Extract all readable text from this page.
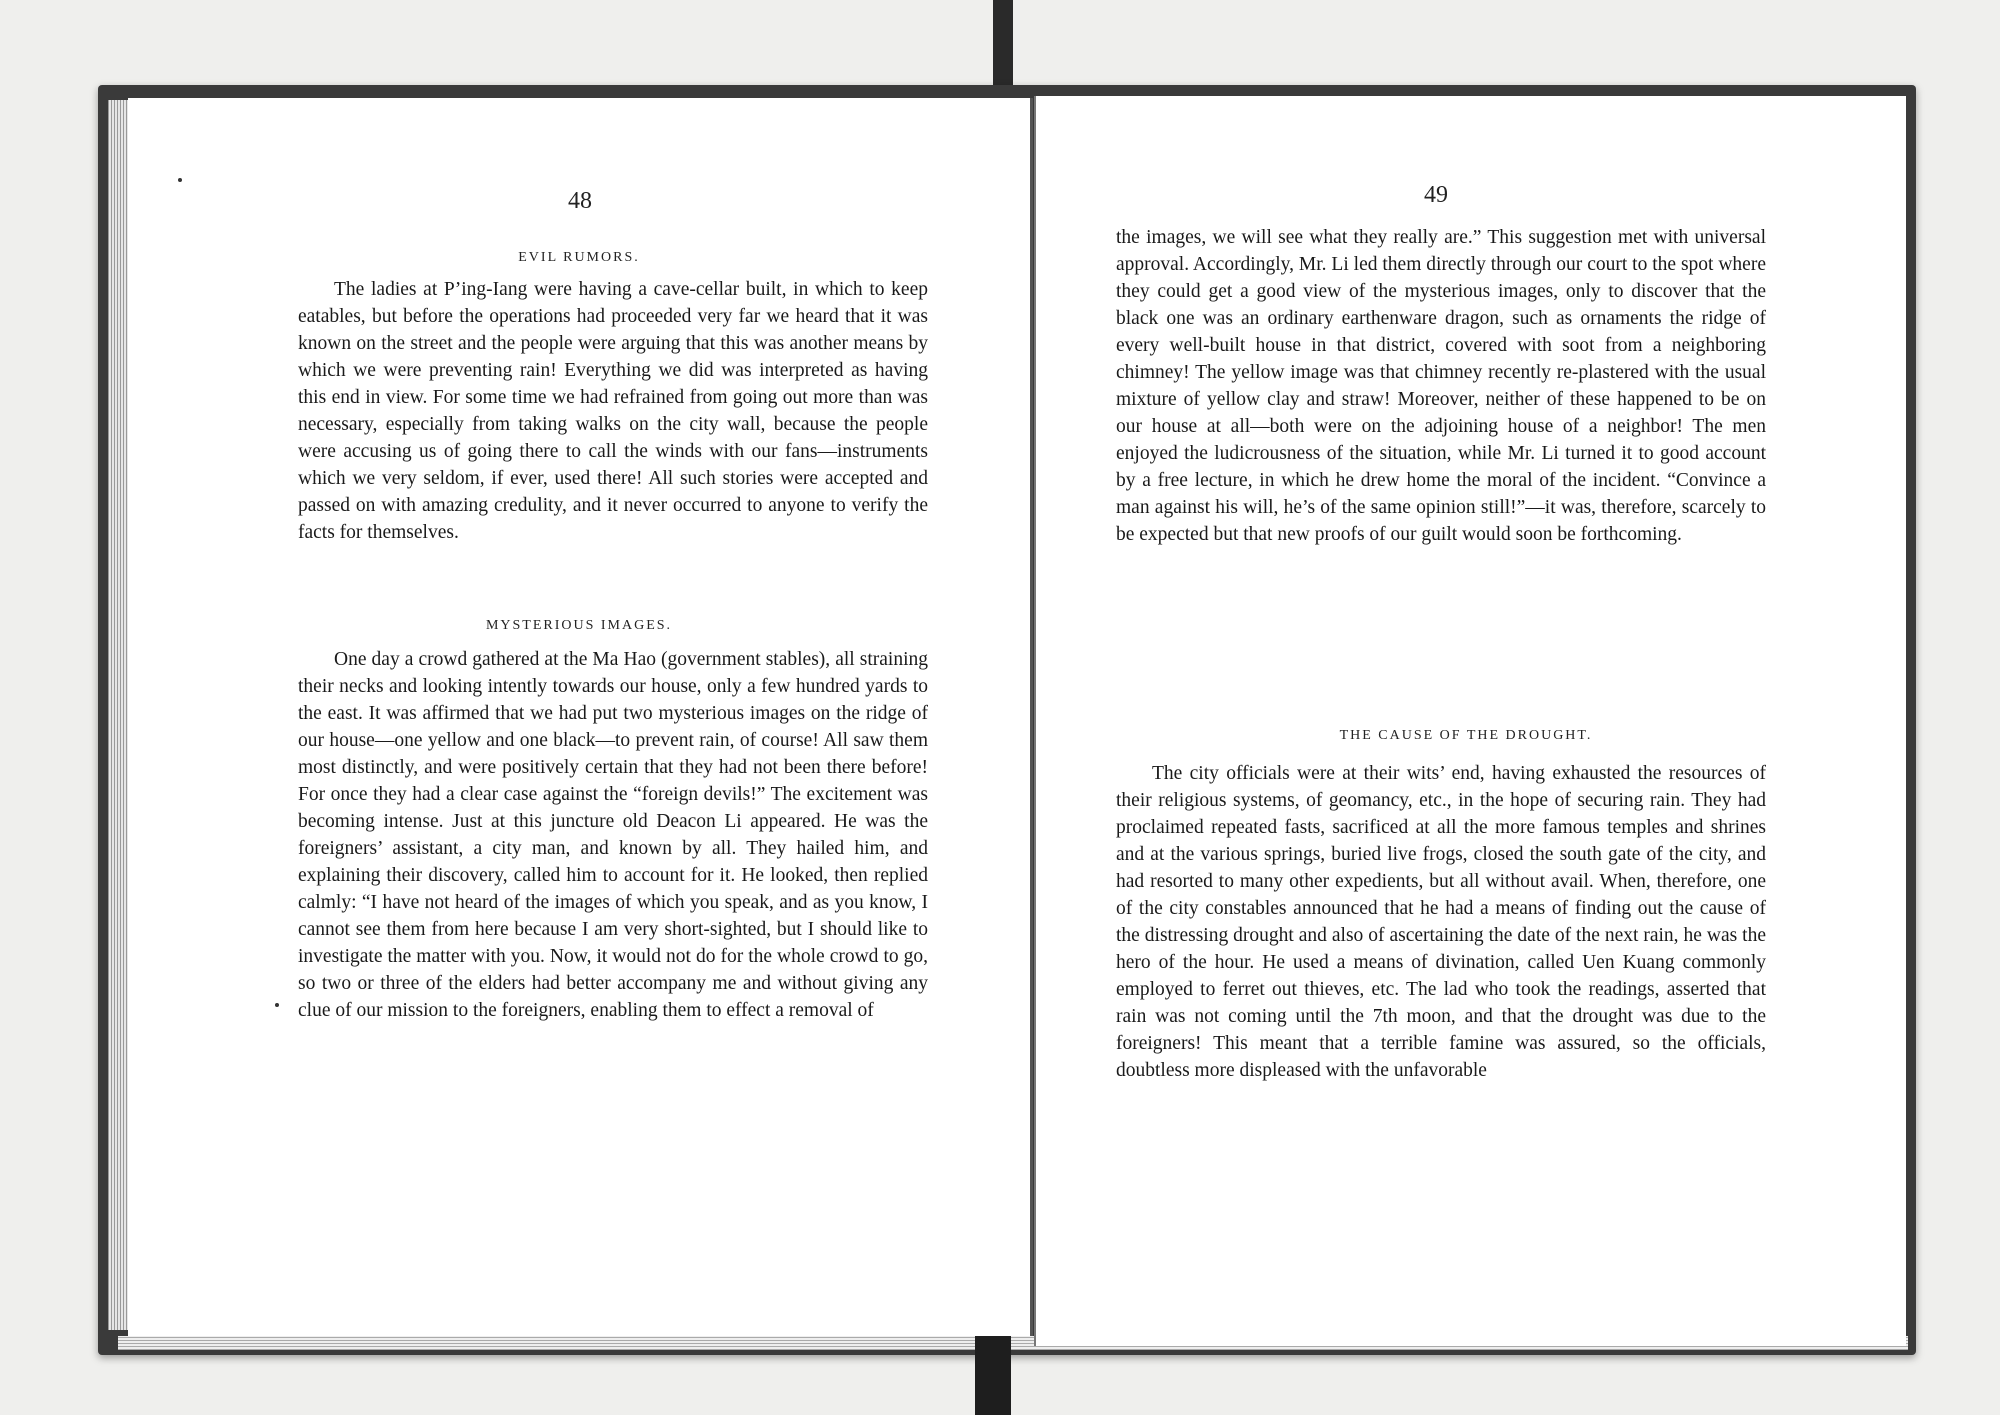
48
EVIL RUMORS.

The ladies at P’ing-Iang were having a cave-cellar built, in which to keep eatables, but before the operations had proceeded very far we heard that it was known on the street and the people were arguing that this was another means by which we were preventing rain! Everything we did was interpreted as having this end in view. For some time we had refrained from going out more than was necessary, especially from taking walks on the city wall, because the people were accusing us of going there to call the winds with our fans—instruments which we very seldom, if ever, used there! All such stories were accepted and passed on with amazing credulity, and it never occurred to anyone to verify the facts for themselves.

MYSTERIOUS IMAGES.

One day a crowd gathered at the Ma Hao (government stables), all straining their necks and looking intently towards our house, only a few hundred yards to the east. It was affirmed that we had put two mysterious images on the ridge of our house—one yellow and one black—to prevent rain, of course! All saw them most distinctly, and were positively certain that they had not been there before! For once they had a clear case against the “foreign devils!” The excitement was becoming intense. Just at this juncture old Deacon Li appeared. He was the foreigners’ assistant, a city man, and known by all. They hailed him, and explaining their discovery, called him to account for it. He looked, then replied calmly: “I have not heard of the images of which you speak, and as you know, I cannot see them from here because I am very short-sighted, but I should like to investigate the matter with you. Now, it would not do for the whole crowd to go, so two or three of the elders had better accompany me and without giving any clue of our mission to the foreigners, enabling them to effect a removal of

49

the images, we will see what they really are.” This suggestion met with universal approval. Accordingly, Mr. Li led them directly through our court to the spot where they could get a good view of the mysterious images, only to discover that the black one was an ordinary earthenware dragon, such as ornaments the ridge of every well-built house in that district, covered with soot from a neighboring chimney! The yellow image was that chimney recently re-plastered with the usual mixture of yellow clay and straw! Moreover, neither of these happened to be on our house at all—both were on the adjoining house of a neighbor! The men enjoyed the ludicrousness of the situation, while Mr. Li turned it to good account by a free lecture, in which he drew home the moral of the incident. “Convince a man against his will, he’s of the same opinion still!”—it was, therefore, scarcely to be expected but that new proofs of our guilt would soon be forthcoming.

THE CAUSE OF THE DROUGHT.

The city officials were at their wits’ end, having exhausted the resources of their religious systems, of geomancy, etc., in the hope of securing rain. They had proclaimed repeated fasts, sacrificed at all the more famous temples and shrines and at the various springs, buried live frogs, closed the south gate of the city, and had resorted to many other expedients, but all without avail. When, therefore, one of the city constables announced that he had a means of finding out the cause of the distressing drought and also of ascertaining the date of the next rain, he was the hero of the hour. He used a means of divination, called Uen Kuang commonly employed to ferret out thieves, etc. The lad who took the readings, asserted that rain was not coming until the 7th moon, and that the drought was due to the foreigners! This meant that a terrible famine was assured, so the officials, doubtless more displeased with the unfavorable
